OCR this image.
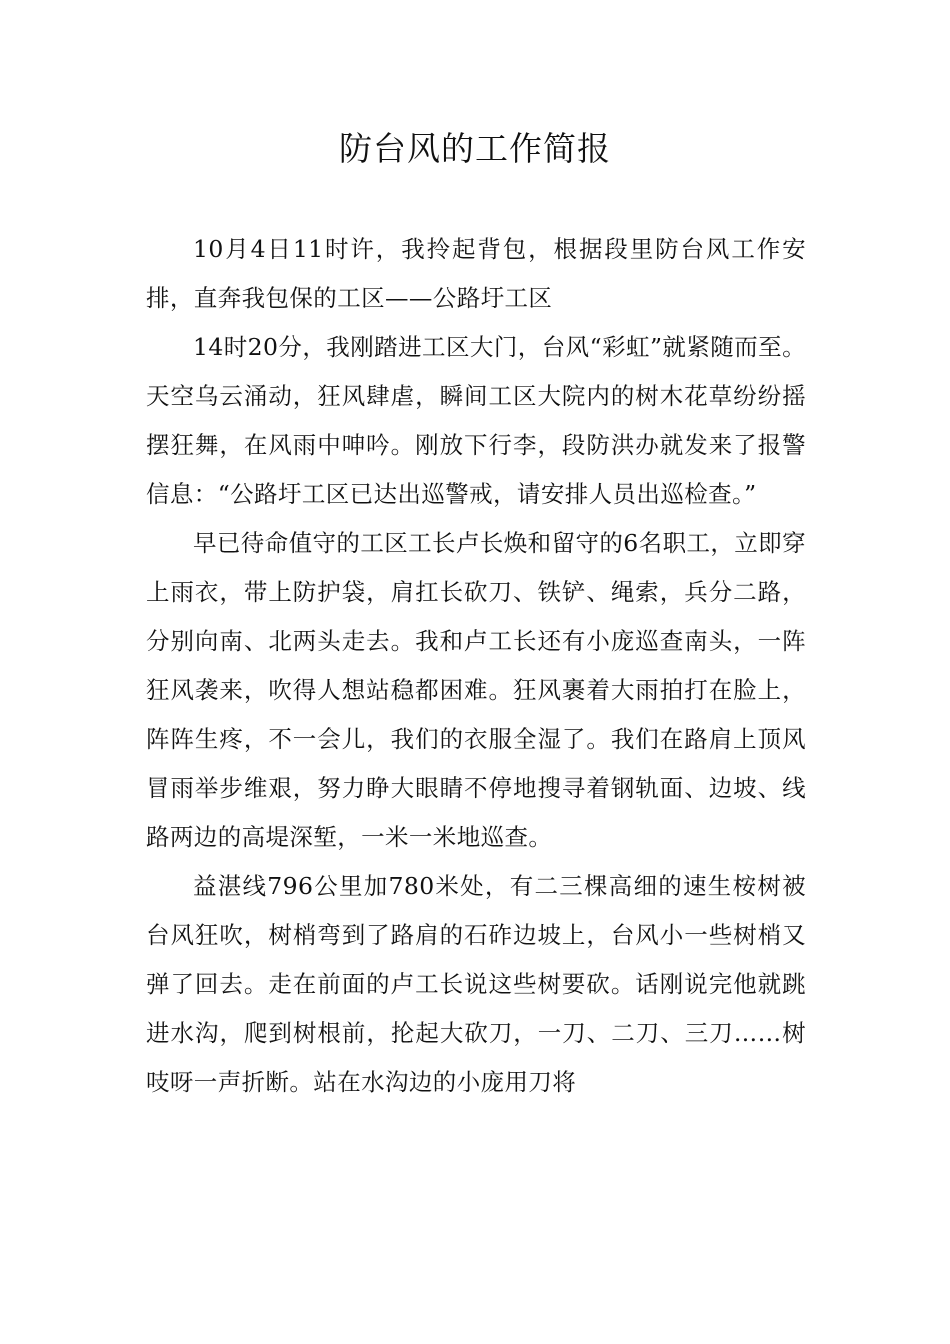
防台风的工作简报

10月4日11时许，我拎起背包，根据段里防台风工作安排，直奔我包保的工区——公路圩工区

14时20分，我刚踏进工区大门，台风“彩虹”就紧随而至。天空乌云涌动，狂风肆虐，瞬间工区大院内的树木花草纷纷摇摆狂舞，在风雨中呻吟。刚放下行李，段防洪办就发来了报警信息：“公路圩工区已达出巡警戒，请安排人员出巡检查。”

早已待命值守的工区工长卢长焕和留守的6名职工，立即穿上雨衣，带上防护袋，肩扛长砍刀、铁铲、绳索，兵分二路，分别向南、北两头走去。我和卢工长还有小庞巡查南头，一阵狂风袭来，吹得人想站稳都困难。狂风裹着大雨拍打在脸上，阵阵生疼，不一会儿，我们的衣服全湿了。我们在路肩上顶风冒雨举步维艰，努力睁大眼睛不停地搜寻着钢轨面、边坡、线路两边的高堤深堑，一米一米地巡查。

益湛线796公里加780米处，有二三棵高细的速生桉树被台风狂吹，树梢弯到了路肩的石砟边坡上，台风小一些树梢又弹了回去。走在前面的卢工长说这些树要砍。话刚说完他就跳进水沟，爬到树根前，抡起大砍刀，一刀、二刀、三刀……树吱呀一声折断。站在水沟边的小庞用刀将
